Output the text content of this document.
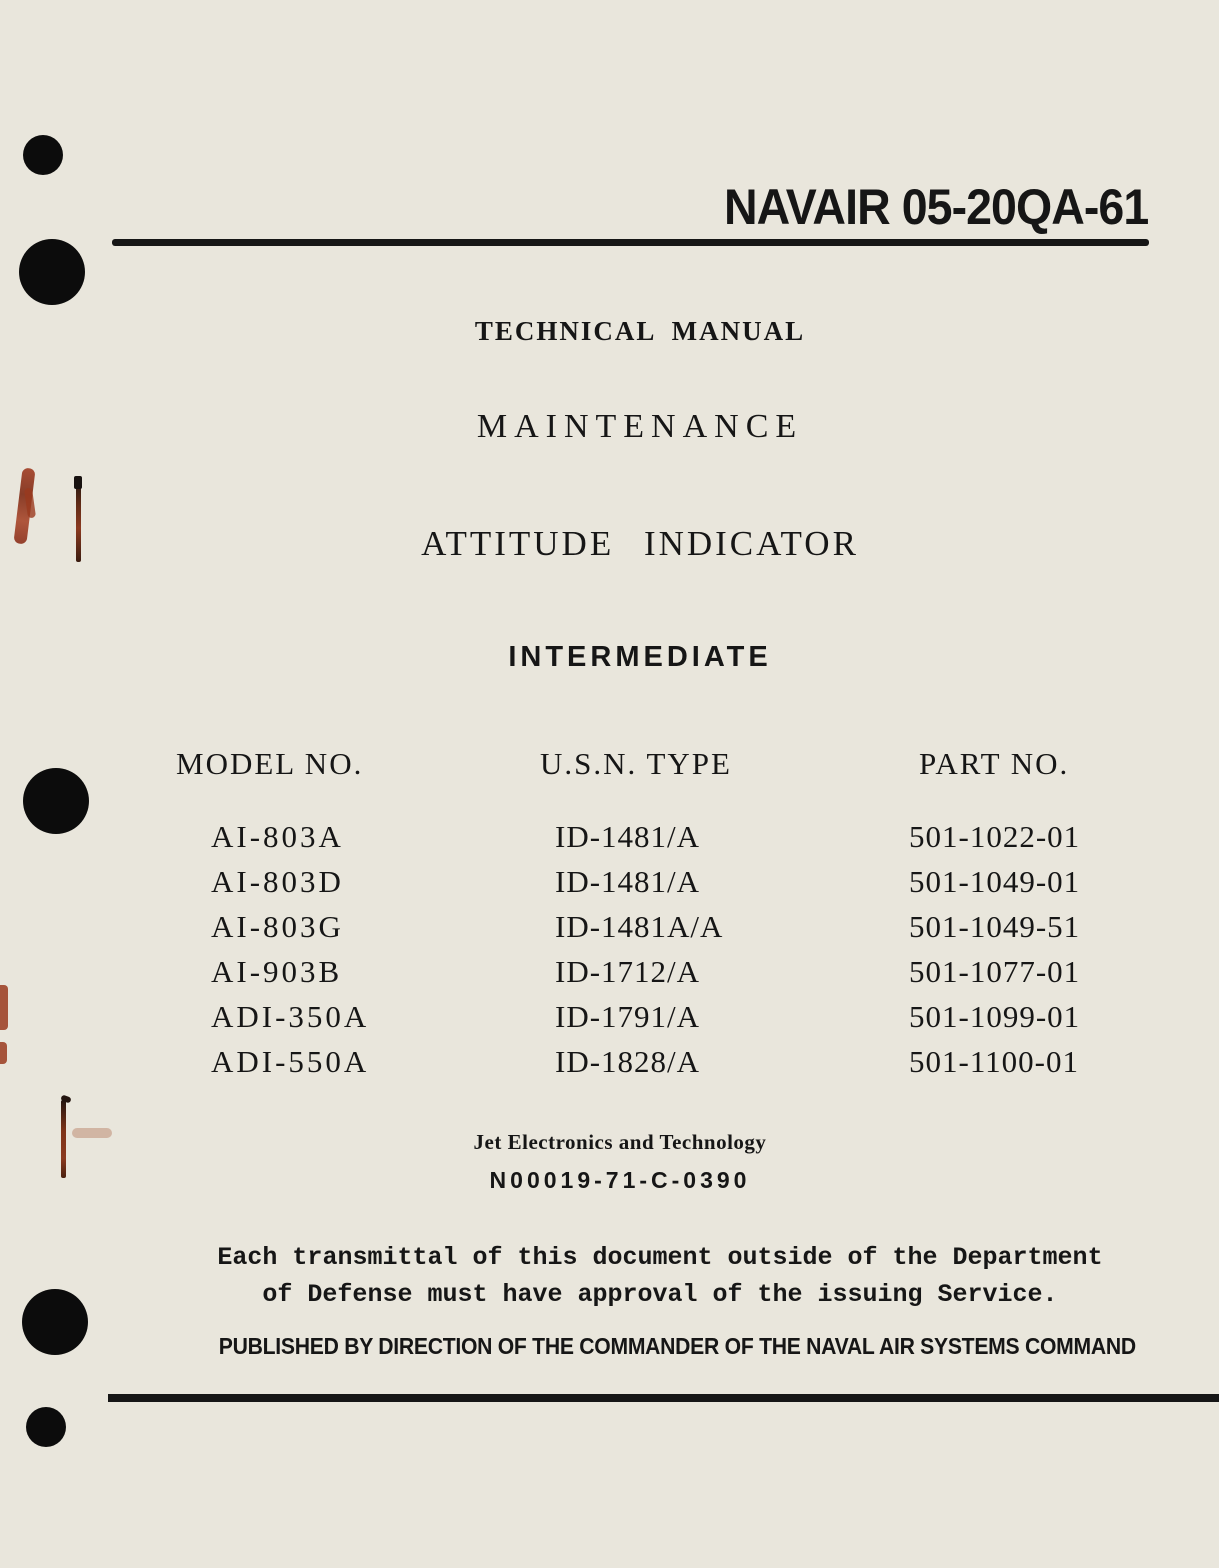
NAVAIR 05-20QA-61
TECHNICAL MANUAL
MAINTENANCE
ATTITUDE INDICATOR
INTERMEDIATE
MODEL NO.	U.S.N. TYPE	PART NO.
AI-803A	ID-1481/A	501-1022-01
AI-803D	ID-1481/A	501-1049-01
AI-803G	ID-1481A/A	501-1049-51
AI-903B	ID-1712/A	501-1077-01
ADI-350A	ID-1791/A	501-1099-01
ADI-550A	ID-1828/A	501-1100-01
Jet Electronics and Technology
N00019-71-C-0390
Each transmittal of this document outside of the Department
of Defense must have approval of the issuing Service.
PUBLISHED BY DIRECTION OF THE COMMANDER OF THE NAVAL AIR SYSTEMS COMMAND
